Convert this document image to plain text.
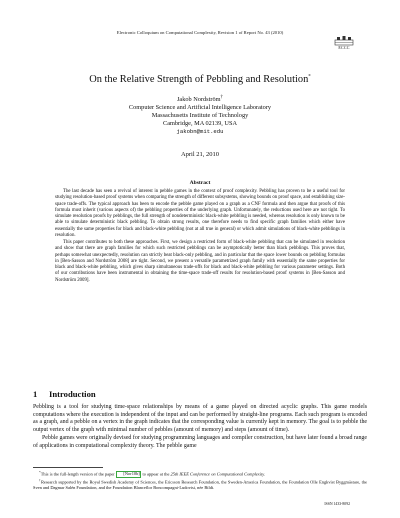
Electronic Colloquium on Computational Complexity, Revision 1 of Report No. 43 (2010)
ECCC
On the Relative Strength of Pebbling and Resolution*
Jakob Nordström†
Computer Science and Artificial Intelligence Laboratory
Massachusetts Institute of Technology
Cambridge, MA 02139, USA
jakobn@mit.edu
April 21, 2010
Abstract

The last decade has seen a revival of interest in pebble games in the context of proof complexity. Pebbling has proven to be a useful tool for studying resolution-based proof systems when comparing the strength of different subsystems, showing bounds on proof space, and establishing size-space trade-offs. The typical approach has been to encode the pebble game played on a graph as a CNF formula and then argue that proofs of this formula must inherit (various aspects of) the pebbling properties of the underlying graph. Unfortunately, the reductions used here are not tight. To simulate resolution proofs by pebblings, the full strength of nondeterministic black-white pebbling is needed, whereas resolution is only known to be able to simulate deterministic black pebbling. To obtain strong results, one therefore needs to find specific graph families which either have essentially the same properties for black and black-white pebbling (not at all true in general) or which admit simulations of black-white pebblings in resolution.

This paper contributes to both these approaches. First, we design a restricted form of black-white pebbling that can be simulated in resolution and show that there are graph families for which such restricted pebblings can be asymptotically better than black pebblings. This proves that, perhaps somewhat unexpectedly, resolution can strictly beat black-only pebbling, and in particular that the space lower bounds on pebbling formulas in [Ben-Sasson and Nordström 2008] are tight. Second, we present a versatile parametrized graph family with essentially the same properties for black and black-white pebbling, which gives sharp simultaneous trade-offs for black and black-white pebbling for various parameter settings. Both of our contributions have been instrumental in obtaining the time-space trade-off results for resolution-based proof systems in [Ben-Sasson and Nordström 2009].

1 Introduction

Pebbling is a tool for studying time-space relationships by means of a game played on directed acyclic graphs. This game models computations where the execution is independent of the input and can be performed by straight-line programs. Each such program is encoded as a graph, and a pebble on a vertex in the graph indicates that the corresponding value is currently kept in memory. The goal is to pebble the output vertex of the graph with minimal number of pebbles (amount of memory) and steps (amount of time).

Pebble games were originally devised for studying programming languages and compiler construction, but have later found a broad range of applications in computational complexity theory. The pebble game

*This is the full-length version of the paper [Nor10b] to appear at the 25th IEEE Conference on Computational Complexity.

†Research supported by the Royal Swedish Academy of Sciences, the Ericsson Research Foundation, the Sweden-America Foundation, the Foundation Olle Engkvist Byggmästare, the Sven and Dagmar Salén Foundation, and the Foundation Blanceflor Boncompagni-Ludovisi, née Bildt.

ISSN 1433-8092
